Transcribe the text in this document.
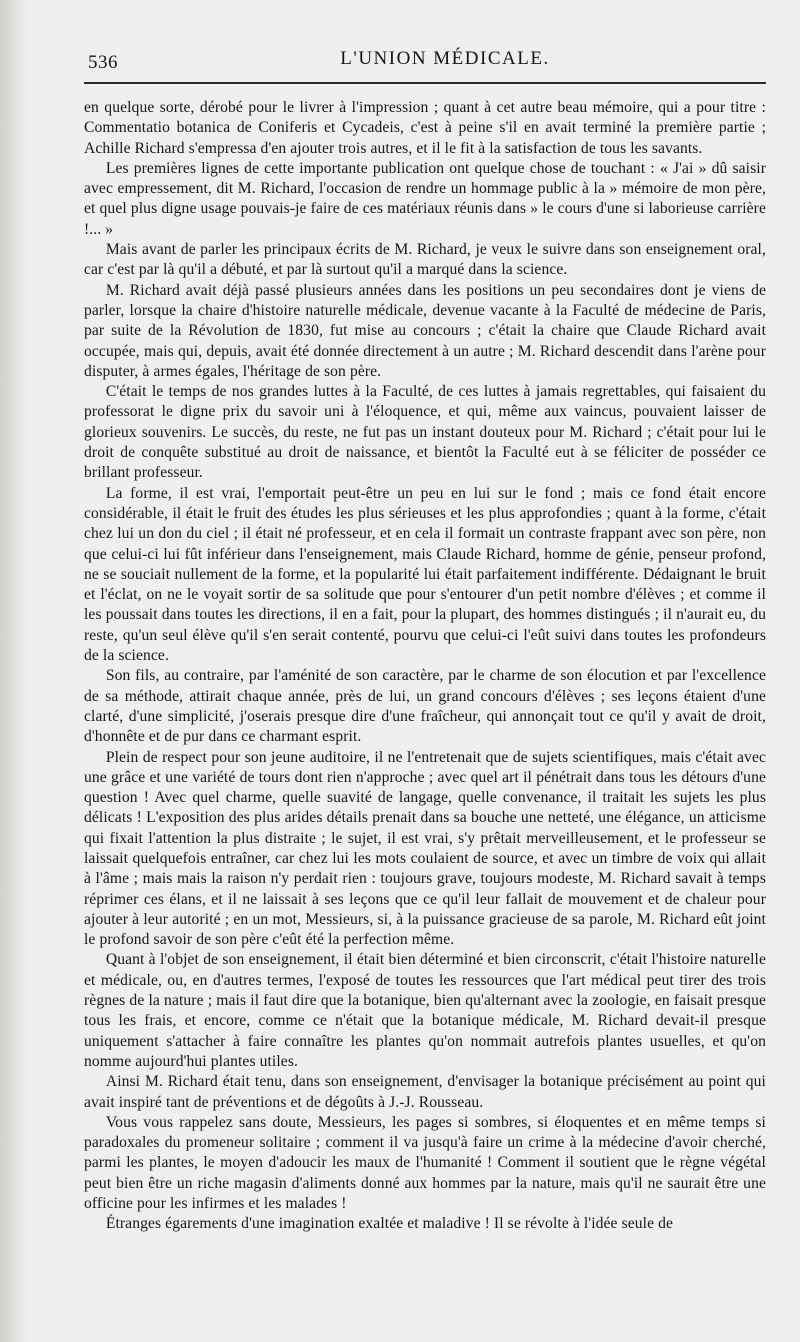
536	L'UNION MÉDICALE.

en quelque sorte, dérobé pour le livrer à l'impression ; quant à cet autre beau mémoire, qui a pour titre : Commentatio botanica de Coniferis et Cycadeis, c'est à peine s'il en avait terminé la première partie ; Achille Richard s'empressa d'en ajouter trois autres, et il le fit à la satisfaction de tous les savants.

Les premières lignes de cette importante publication ont quelque chose de touchant : « J'ai » dû saisir avec empressement, dit M. Richard, l'occasion de rendre un hommage public à la » mémoire de mon père, et quel plus digne usage pouvais-je faire de ces matériaux réunis dans » le cours d'une si laborieuse carrière !... »

Mais avant de parler les principaux écrits de M. Richard, je veux le suivre dans son enseignement oral, car c'est par là qu'il a débuté, et par là surtout qu'il a marqué dans la science.

M. Richard avait déjà passé plusieurs années dans les positions un peu secondaires dont je viens de parler, lorsque la chaire d'histoire naturelle médicale, devenue vacante à la Faculté de médecine de Paris, par suite de la Révolution de 1830, fut mise au concours ; c'était la chaire que Claude Richard avait occupée, mais qui, depuis, avait été donnée directement à un autre ; M. Richard descendit dans l'arène pour disputer, à armes égales, l'héritage de son père.

C'était le temps de nos grandes luttes à la Faculté, de ces luttes à jamais regrettables, qui faisaient du professorat le digne prix du savoir uni à l'éloquence, et qui, même aux vaincus, pouvaient laisser de glorieux souvenirs. Le succès, du reste, ne fut pas un instant douteux pour M. Richard ; c'était pour lui le droit de conquête substitué au droit de naissance, et bientôt la Faculté eut à se féliciter de posséder ce brillant professeur.

La forme, il est vrai, l'emportait peut-être un peu en lui sur le fond ; mais ce fond était encore considérable, il était le fruit des études les plus sérieuses et les plus approfondies ; quant à la forme, c'était chez lui un don du ciel ; il était né professeur, et en cela il formait un contraste frappant avec son père, non que celui-ci lui fût inférieur dans l'enseignement, mais Claude Richard, homme de génie, penseur profond, ne se souciait nullement de la forme, et la popularité lui était parfaitement indifférente. Dédaignant le bruit et l'éclat, on ne le voyait sortir de sa solitude que pour s'entourer d'un petit nombre d'élèves ; et comme il les poussait dans toutes les directions, il en a fait, pour la plupart, des hommes distingués ; il n'aurait eu, du reste, qu'un seul élève qu'il s'en serait contenté, pourvu que celui-ci l'eût suivi dans toutes les profondeurs de la science.

Son fils, au contraire, par l'aménité de son caractère, par le charme de son élocution et par l'excellence de sa méthode, attirait chaque année, près de lui, un grand concours d'élèves ; ses leçons étaient d'une clarté, d'une simplicité, j'oserais presque dire d'une fraîcheur, qui annonçait tout ce qu'il y avait de droit, d'honnête et de pur dans ce charmant esprit.

Plein de respect pour son jeune auditoire, il ne l'entretenait que de sujets scientifiques, mais c'était avec une grâce et une variété de tours dont rien n'approche ; avec quel art il pénétrait dans tous les détours d'une question ! Avec quel charme, quelle suavité de langage, quelle convenance, il traitait les sujets les plus délicats ! L'exposition des plus arides détails prenait dans sa bouche une netteté, une élégance, un atticisme qui fixait l'attention la plus distraite ; le sujet, il est vrai, s'y prêtait merveilleusement, et le professeur se laissait quelquefois entraîner, car chez lui les mots coulaient de source, et avec un timbre de voix qui allait à l'âme ; mais mais la raison n'y perdait rien : toujours grave, toujours modeste, M. Richard savait à temps réprimer ces élans, et il ne laissait à ses leçons que ce qu'il leur fallait de mouvement et de chaleur pour ajouter à leur autorité ; en un mot, Messieurs, si, à la puissance gracieuse de sa parole, M. Richard eût joint le profond savoir de son père c'eût été la perfection même.

Quant à l'objet de son enseignement, il était bien déterminé et bien circonscrit, c'était l'histoire naturelle et médicale, ou, en d'autres termes, l'exposé de toutes les ressources que l'art médical peut tirer des trois règnes de la nature ; mais il faut dire que la botanique, bien qu'alternant avec la zoologie, en faisait presque tous les frais, et encore, comme ce n'était que la botanique médicale, M. Richard devait-il presque uniquement s'attacher à faire connaître les plantes qu'on nommait autrefois plantes usuelles, et qu'on nomme aujourd'hui plantes utiles.

Ainsi M. Richard était tenu, dans son enseignement, d'envisager la botanique précisément au point qui avait inspiré tant de préventions et de dégoûts à J.-J. Rousseau.

Vous vous rappelez sans doute, Messieurs, les pages si sombres, si éloquentes et en même temps si paradoxales du promeneur solitaire ; comment il va jusqu'à faire un crime à la médecine d'avoir cherché, parmi les plantes, le moyen d'adoucir les maux de l'humanité ! Comment il soutient que le règne végétal peut bien être un riche magasin d'aliments donné aux hommes par la nature, mais qu'il ne saurait être une officine pour les infirmes et les malades !

Étranges égarements d'une imagination exaltée et maladive ! Il se révolte à l'idée seule de
